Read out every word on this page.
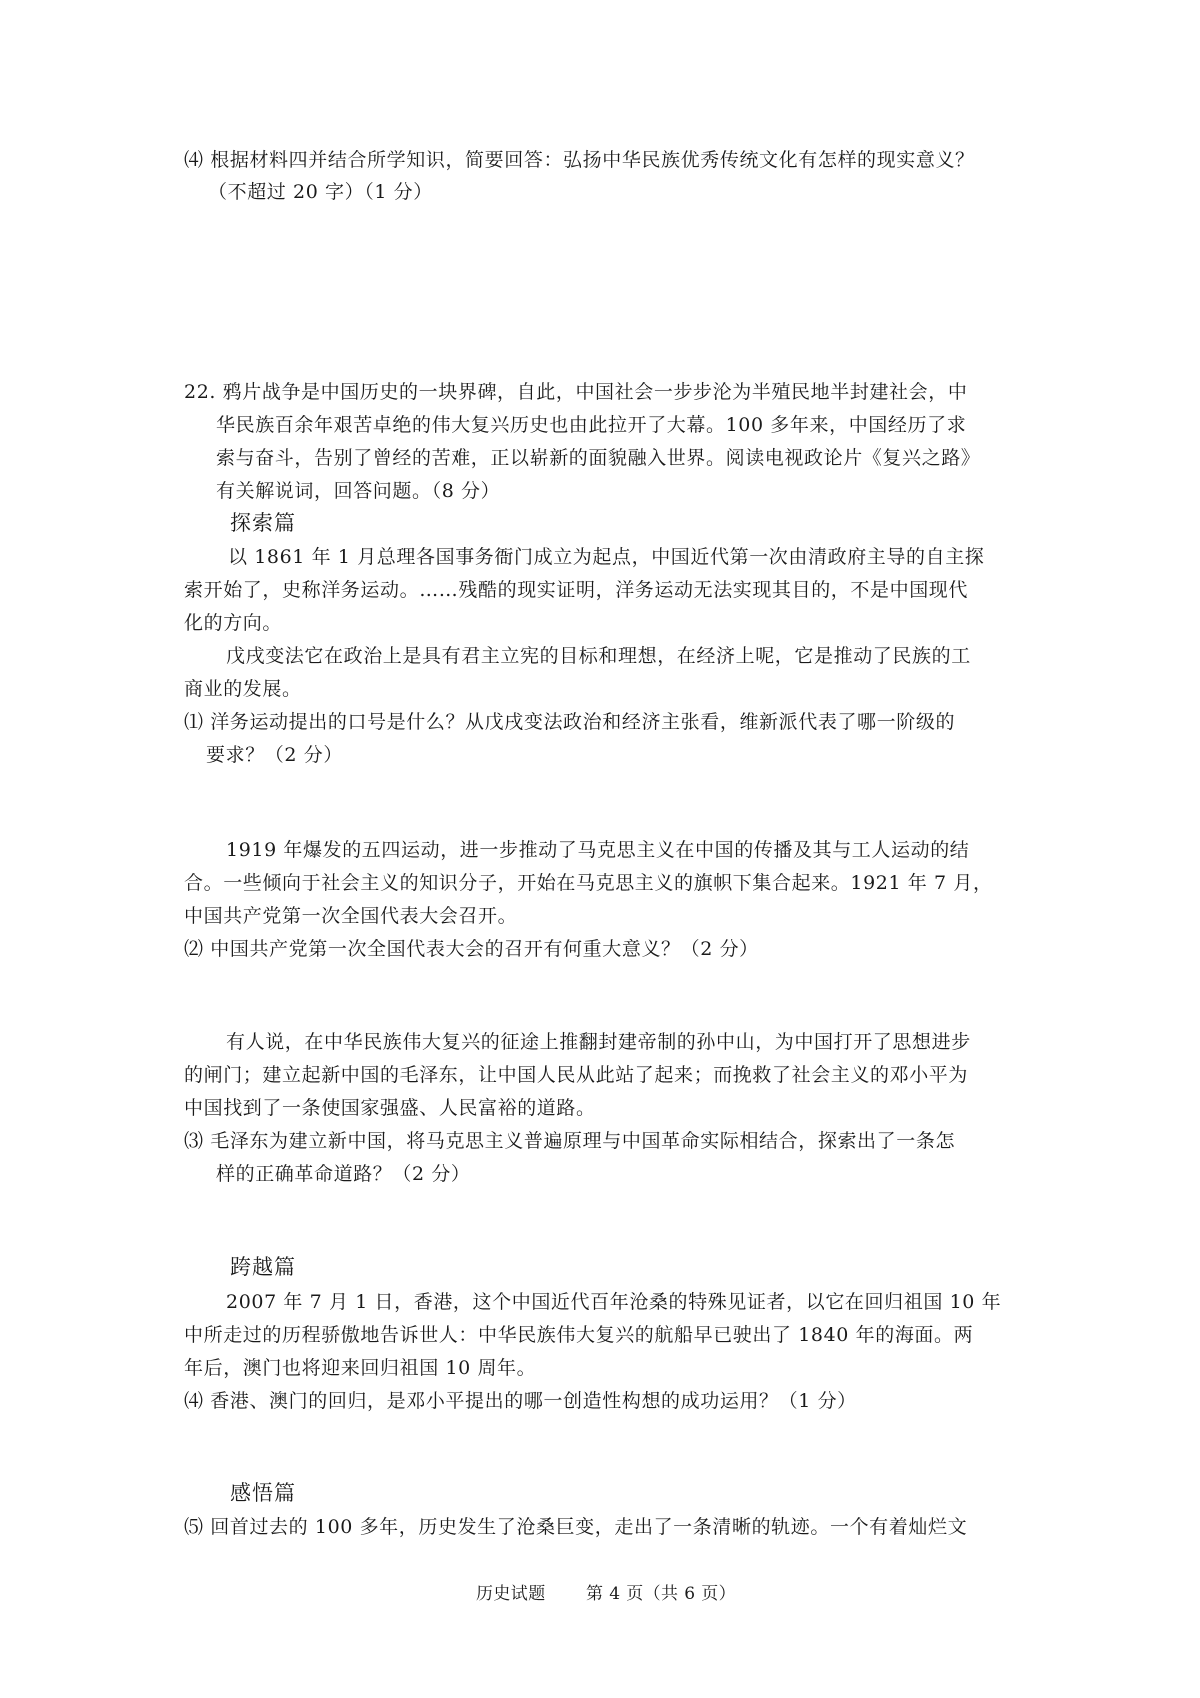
⑷ 根据材料四并结合所学知识，简要回答：弘扬中华民族优秀传统文化有怎样的现实意义？
（不超过 20 字）（1 分）
22. 鸦片战争是中国历史的一块界碑，自此，中国社会一步步沦为半殖民地半封建社会，中
华民族百余年艰苦卓绝的伟大复兴历史也由此拉开了大幕。100 多年来，中国经历了求
索与奋斗，告别了曾经的苦难，正以崭新的面貌融入世界。阅读电视政论片《复兴之路》
有关解说词，回答问题。（8 分）
探索篇
以 1861 年 1 月总理各国事务衙门成立为起点，中国近代第一次由清政府主导的自主探
索开始了，史称洋务运动。……残酷的现实证明，洋务运动无法实现其目的，不是中国现代
化的方向。
戊戌变法它在政治上是具有君主立宪的目标和理想，在经济上呢，它是推动了民族的工
商业的发展。
⑴ 洋务运动提出的口号是什么？从戊戌变法政治和经济主张看，维新派代表了哪一阶级的
要求？（2 分）
1919 年爆发的五四运动，进一步推动了马克思主义在中国的传播及其与工人运动的结
合。一些倾向于社会主义的知识分子，开始在马克思主义的旗帜下集合起来。1921 年 7 月，
中国共产党第一次全国代表大会召开。
⑵ 中国共产党第一次全国代表大会的召开有何重大意义？（2 分）
有人说，在中华民族伟大复兴的征途上推翻封建帝制的孙中山，为中国打开了思想进步
的闸门；建立起新中国的毛泽东，让中国人民从此站了起来；而挽救了社会主义的邓小平为
中国找到了一条使国家强盛、人民富裕的道路。
⑶ 毛泽东为建立新中国，将马克思主义普遍原理与中国革命实际相结合，探索出了一条怎
样的正确革命道路？（2 分）
跨越篇
2007 年 7 月 1 日，香港，这个中国近代百年沧桑的特殊见证者，以它在回归祖国 10 年
中所走过的历程骄傲地告诉世人：中华民族伟大复兴的航船早已驶出了 1840 年的海面。两
年后，澳门也将迎来回归祖国 10 周年。
⑷ 香港、澳门的回归，是邓小平提出的哪一创造性构想的成功运用？（1 分）
感悟篇
⑸ 回首过去的 100 多年，历史发生了沧桑巨变，走出了一条清晰的轨迹。一个有着灿烂文
历史试题 第 4 页（共 6 页）
